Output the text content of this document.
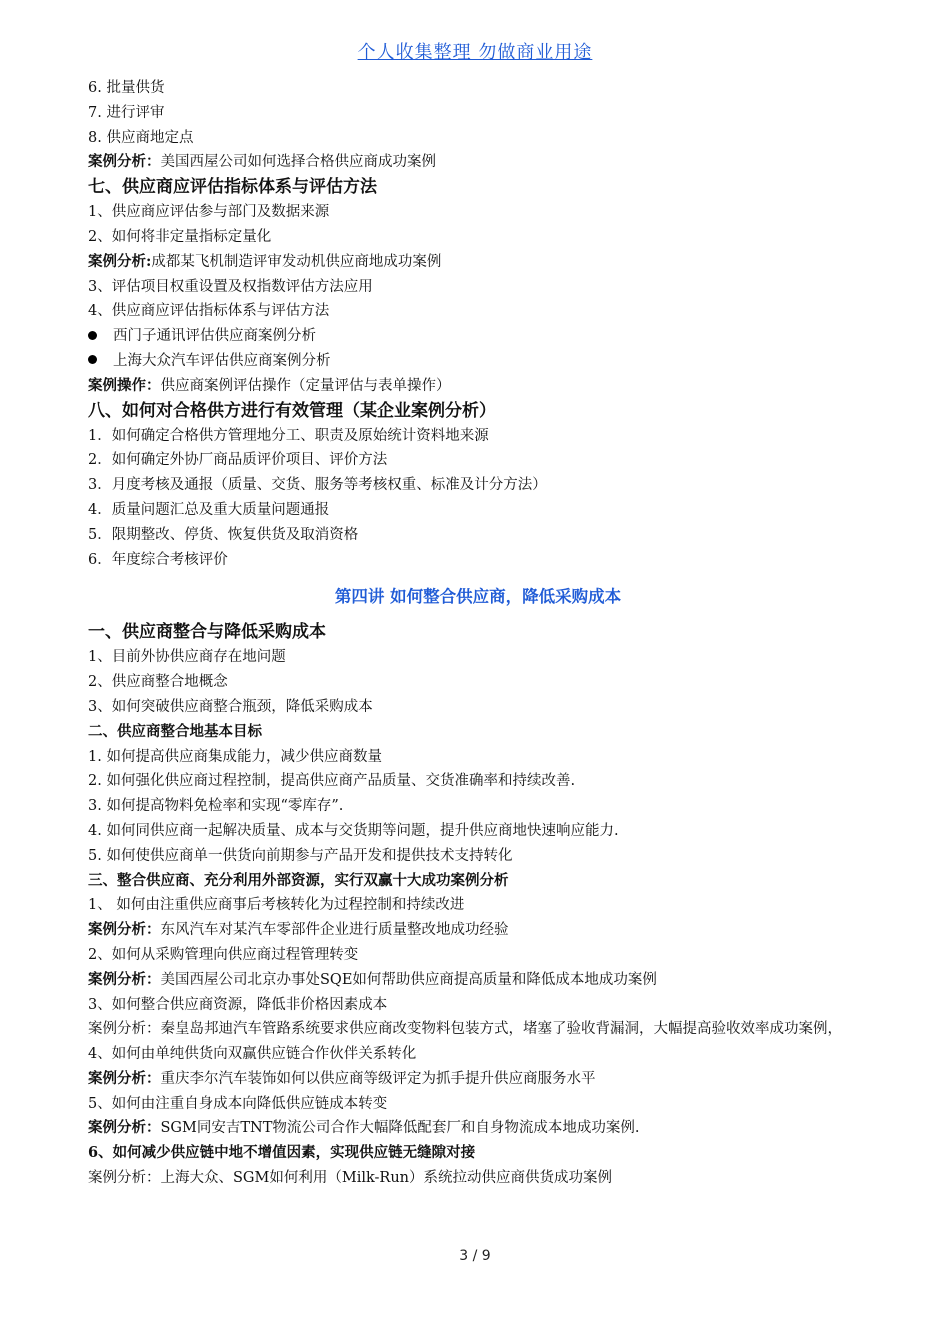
个人收集整理 勿做商业用途
6. 批量供货
7. 进行评审
8. 供应商地定点
案例分析：美国西屋公司如何选择合格供应商成功案例
七、供应商应评估指标体系与评估方法
1、供应商应评估参与部门及数据来源
2、如何将非定量指标定量化
案例分析:成都某飞机制造评审发动机供应商地成功案例
3、评估项目权重设置及权指数评估方法应用
4、供应商应评估指标体系与评估方法
西门子通讯评估供应商案例分析
上海大众汽车评估供应商案例分析
案例操作：供应商案例评估操作（定量评估与表单操作）
八、如何对合格供方进行有效管理（某企业案例分析）
1．如何确定合格供方管理地分工、职责及原始统计资料地来源
2．如何确定外协厂商品质评价项目、评价方法
3．月度考核及通报（质量、交货、服务等考核权重、标准及计分方法）
4．质量问题汇总及重大质量问题通报
5．限期整改、停货、恢复供货及取消资格
6．年度综合考核评价
第四讲 如何整合供应商，降低采购成本
一、供应商整合与降低采购成本
1、目前外协供应商存在地问题
2、供应商整合地概念
3、如何突破供应商整合瓶颈，降低采购成本
二、供应商整合地基本目标
1. 如何提高供应商集成能力，减少供应商数量
2. 如何强化供应商过程控制，提高供应商产品质量、交货准确率和持续改善.
3. 如何提高物料免检率和实现“零库存”.
4. 如何同供应商一起解决质量、成本与交货期等问题，提升供应商地快速响应能力.
5. 如何使供应商单一供货向前期参与产品开发和提供技术支持转化
三、整合供应商、充分利用外部资源，实行双赢十大成功案例分析
1、 如何由注重供应商事后考核转化为过程控制和持续改进
案例分析：东风汽车对某汽车零部件企业进行质量整改地成功经验
2、如何从采购管理向供应商过程管理转变
案例分析：美国西屋公司北京办事处SQE如何帮助供应商提高质量和降低成本地成功案例
3、如何整合供应商资源，降低非价格因素成本
案例分析：秦皇岛邦迪汽车管路系统要求供应商改变物料包装方式，堵塞了验收背漏洞，大幅提高验收效率成功案例，
4、如何由单纯供货向双赢供应链合作伙伴关系转化
案例分析：重庆李尔汽车装饰如何以供应商等级评定为抓手提升供应商服务水平
5、如何由注重自身成本向降低供应链成本转变
案例分析：SGM同安吉TNT物流公司合作大幅降低配套厂和自身物流成本地成功案例.
6、如何减少供应链中地不增值因素，实现供应链无缝隙对接
案例分析：上海大众、SGM如何利用（Milk-Run）系统拉动供应商供货成功案例
3 / 9
